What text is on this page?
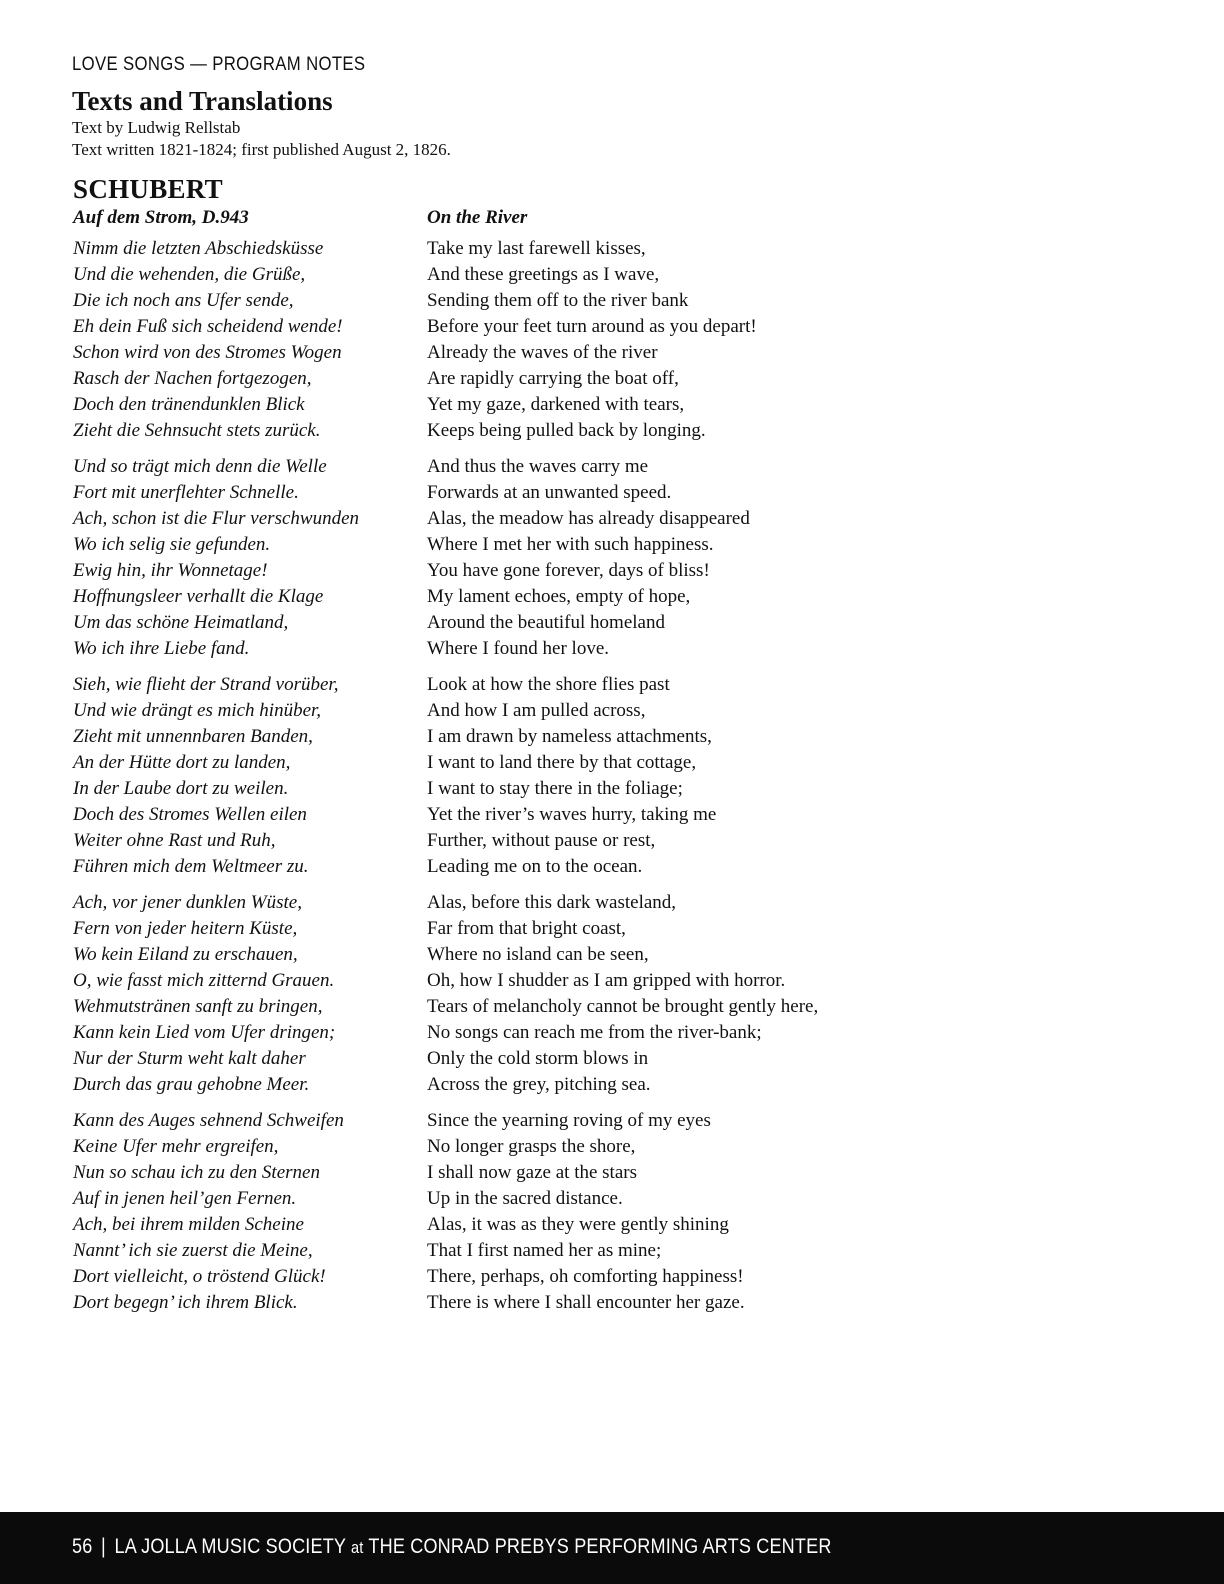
LOVE SONGS — PROGRAM NOTES
Texts and Translations
Text by Ludwig Rellstab
Text written 1821-1824; first published August 2, 1826.
SCHUBERT
Auf dem Strom, D.943	On the River
Nimm die letzten Abschiedsküsse
Und die wehenden, die Grüße,
Die ich noch ans Ufer sende,
Eh dein Fuß sich scheidend wende!
Schon wird von des Stromes Wogen
Rasch der Nachen fortgezogen,
Doch den tränendunklen Blick
Zieht die Sehnsucht stets zurück.
Und so trägt mich denn die Welle
Fort mit unerflehter Schnelle.
Ach, schon ist die Flur verschwunden
Wo ich selig sie gefunden.
Ewig hin, ihr Wonnetage!
Hoffnungsleer verhallt die Klage
Um das schöne Heimatland,
Wo ich ihre Liebe fand.
Sieh, wie flieht der Strand vorüber,
Und wie drängt es mich hinüber,
Zieht mit unnennbaren Banden,
An der Hütte dort zu landen,
In der Laube dort zu weilen.
Doch des Stromes Wellen eilen
Weiter ohne Rast und Ruh,
Führen mich dem Weltmeer zu.
Ach, vor jener dunklen Wüste,
Fern von jeder heitern Küste,
Wo kein Eiland zu erschauen,
O, wie fasst mich zitternd Grauen.
Wehmutstränen sanft zu bringen,
Kann kein Lied vom Ufer dringen;
Nur der Sturm weht kalt daher
Durch das grau gehobne Meer.
Kann des Auges sehnend Schweifen
Keine Ufer mehr ergreifen,
Nun so schau ich zu den Sternen
Auf in jenen heil’gen Fernen.
Ach, bei ihrem milden Scheine
Nannt’ ich sie zuerst die Meine,
Dort vielleicht, o tröstend Glück!
Dort begegn’ ich ihrem Blick.
Take my last farewell kisses,
And these greetings as I wave,
Sending them off to the river bank
Before your feet turn around as you depart!
Already the waves of the river
Are rapidly carrying the boat off,
Yet my gaze, darkened with tears,
Keeps being pulled back by longing.
And thus the waves carry me
Forwards at an unwanted speed.
Alas, the meadow has already disappeared
Where I met her with such happiness.
You have gone forever, days of bliss!
My lament echoes, empty of hope,
Around the beautiful homeland
Where I found her love.
Look at how the shore flies past
And how I am pulled across,
I am drawn by nameless attachments,
I want to land there by that cottage,
I want to stay there in the foliage;
Yet the river’s waves hurry, taking me
Further, without pause or rest,
Leading me on to the ocean.
Alas, before this dark wasteland,
Far from that bright coast,
Where no island can be seen,
Oh, how I shudder as I am gripped with horror.
Tears of melancholy cannot be brought gently here,
No songs can reach me from the river-bank;
Only the cold storm blows in
Across the grey, pitching sea.
Since the yearning roving of my eyes
No longer grasps the shore,
I shall now gaze at the stars
Up in the sacred distance.
Alas, it was as they were gently shining
That I first named her as mine;
There, perhaps, oh comforting happiness!
There is where I shall encounter her gaze.
56 | LA JOLLA MUSIC SOCIETY at THE CONRAD PREBYS PERFORMING ARTS CENTER
